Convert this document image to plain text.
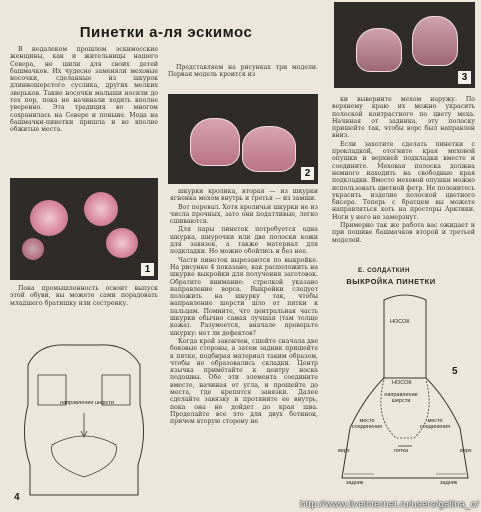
Пинетки а-ля эскимос

В недалеком прошлом эскимосские женщины, как и жительницы нашего Севера, не шили для своих детей башмачков. Их чудесно заменяли меховые носочки, сделанные из шкурок длинношерстого суслика, других мелких зверьков. Такие носочки малыши носили до тех пор, пока не начинали ходить вполне уверенно. Эта традиция во многом сохранилась на Севере и поныне. Мода на башмачки-пинетки пришла и во вполне обжитые места.

1

Пока промышленность освоит выпуск этой обуви, вы можете сами порадовать младшего братишку или сестренку.

направление шерсти
4

Представляем на рисунках три модели. Первая модель кроится из

2

шкурки кролика, вторая — из шкурки ягненка мехом внутрь и третья — из замши.

Вот перевал. Хотя кроличьи шкурки не из числа прочных, зато они податливые, легко сшиваются.

Для пары пинеток потребуется одна шкурка, шнурочки или две полоски кожи для завязок, а также материал для подкладки. Но можно обойтись и без нее.

Части пинеток вырезаются по выкройке. На рисунке 4 показано, как расположить на шкурке выкройки для получения заготовок. Обратите внимание: стрелкой указано направление ворса. Выкройки следует положить на шкурку так, чтобы направление шерсти шло от пятки к пальцам. Помните, что центральная часть шкурки обычно самая лучшая (там толще кожа). Разумеется, вначале проверьте шкурку: нет ли дефектов?

Когда крой закончен, сшейте сначала две боковые стороны, а затем задник пришейте к пятке, подбирая материал таким образом, чтобы не образовались складки. Центр язычка примётайте к центру носка подошвы. Обе эти элемента соедините вместе, начиная от угла, и прошейте до места, где крепятся завязки. Далее сделайте завязку и протяните ее внутрь, пока она не дойдет до края шва. Проделайте все это для двух ботинок, причем вторую сторону не

3

ки выверните мехом наружу. По верхнему краю их можно украсить полоской контрастного по цвету меха. Начиная от задника, эту полоску пришейте так, чтобы ворс был направлен вниз.

Если захотите сделать пинетки с прокладкой, отогните края меховой опушки и верхней подкладки вместе и соедините. Меховая полоска должна немного находить на свободные края подкладки. Вместо меховой опушки можно использовать цветной фетр. Не поленитесь украсить изделие полоской цветного бисера. Теперь с братцем вы можете направляться хоть на просторы Арктики. Ноги у него не замерзнут.

Примерно так же работа вас ожидает и при пошиве башмачков второй и третьей моделей.

Е. СОЛДАТКИН
ВЫКРОЙКА ПИНЕТКИ
НОСОК
НОСОК
направление шерсти
место соединения
место соединения
пятка
верх	верх
задник	задник
5
http://www.liveinternet.ru/users/galina_o/
